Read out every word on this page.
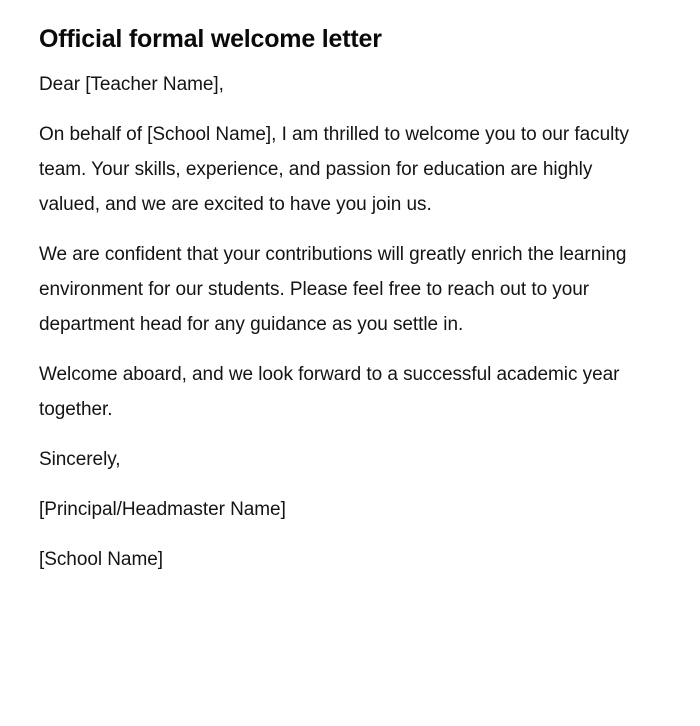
Official formal welcome letter

Dear [Teacher Name],

On behalf of [School Name], I am thrilled to welcome you to our faculty team. Your skills, experience, and passion for education are highly valued, and we are excited to have you join us.

We are confident that your contributions will greatly enrich the learning environment for our students. Please feel free to reach out to your department head for any guidance as you settle in.

Welcome aboard, and we look forward to a successful academic year together.

Sincerely,

[Principal/Headmaster Name]

[School Name]
